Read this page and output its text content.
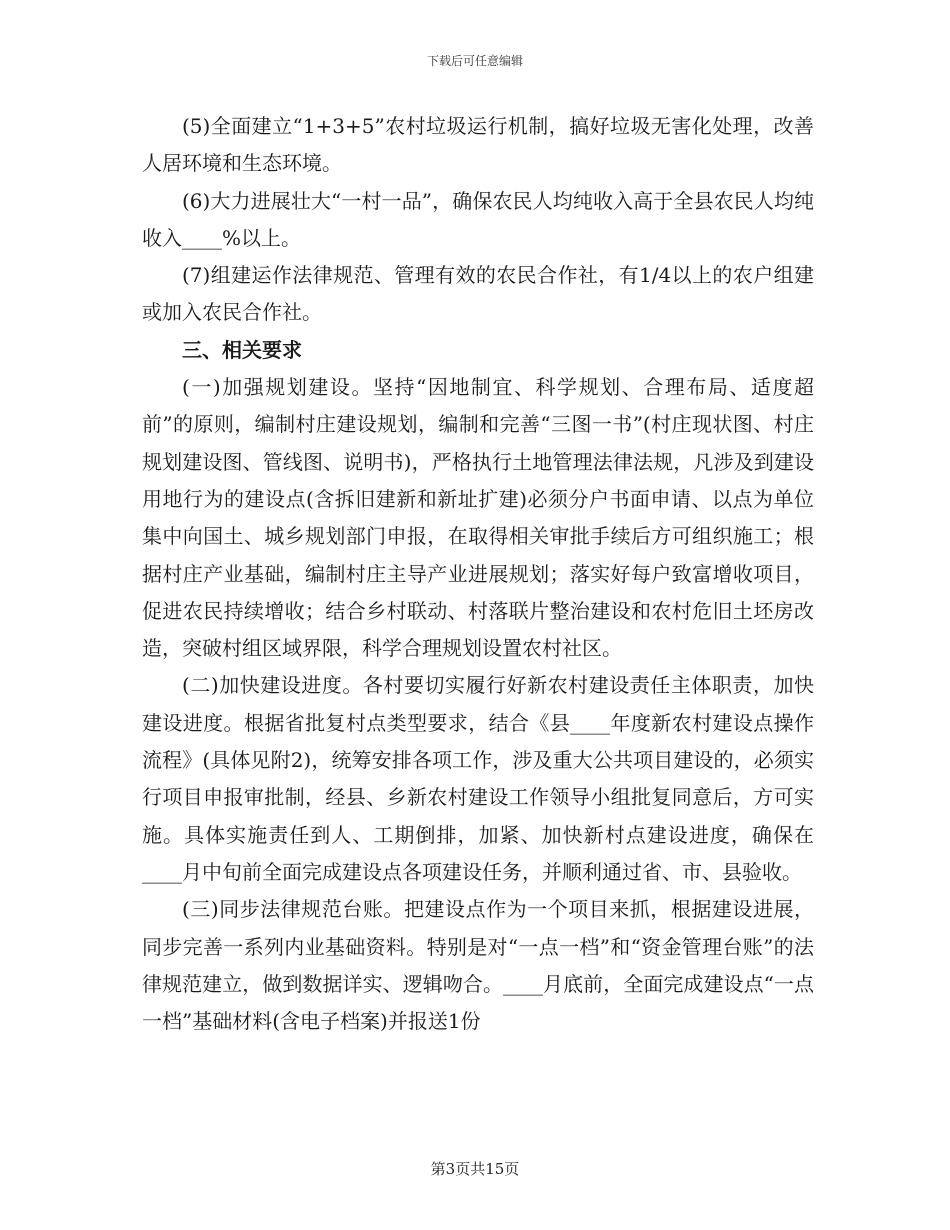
下载后可任意编辑

(5)全面建立“1+3+5”农村垃圾运行机制，搞好垃圾无害化处理，改善人居环境和生态环境。

(6)大力进展壮大“一村一品”，确保农民人均纯收入高于全县农民人均纯收入____%以上。

(7)组建运作法律规范、管理有效的农民合作社，有1/4以上的农户组建或加入农民合作社。

三、相关要求

(一)加强规划建设。坚持“因地制宜、科学规划、合理布局、适度超前”的原则，编制村庄建设规划，编制和完善“三图一书”(村庄现状图、村庄规划建设图、管线图、说明书)，严格执行土地管理法律法规，凡涉及到建设用地行为的建设点(含拆旧建新和新址扩建)必须分户书面申请、以点为单位集中向国土、城乡规划部门申报，在取得相关审批手续后方可组织施工；根据村庄产业基础，编制村庄主导产业进展规划；落实好每户致富增收项目，促进农民持续增收；结合乡村联动、村落联片整治建设和农村危旧土坯房改造，突破村组区域界限，科学合理规划设置农村社区。

(二)加快建设进度。各村要切实履行好新农村建设责任主体职责，加快建设进度。根据省批复村点类型要求，结合《县____年度新农村建设点操作流程》(具体见附2)，统筹安排各项工作，涉及重大公共项目建设的，必须实行项目申报审批制，经县、乡新农村建设工作领导小组批复同意后，方可实施。具体实施责任到人、工期倒排，加紧、加快新村点建设进度，确保在____月中旬前全面完成建设点各项建设任务，并顺利通过省、市、县验收。

(三)同步法律规范台账。把建设点作为一个项目来抓，根据建设进展，同步完善一系列内业基础资料。特别是对“一点一档”和“资金管理台账”的法律规范建立，做到数据详实、逻辑吻合。____月底前，全面完成建设点“一点一档”基础材料(含电子档案)并报送1份

第3页共15页
